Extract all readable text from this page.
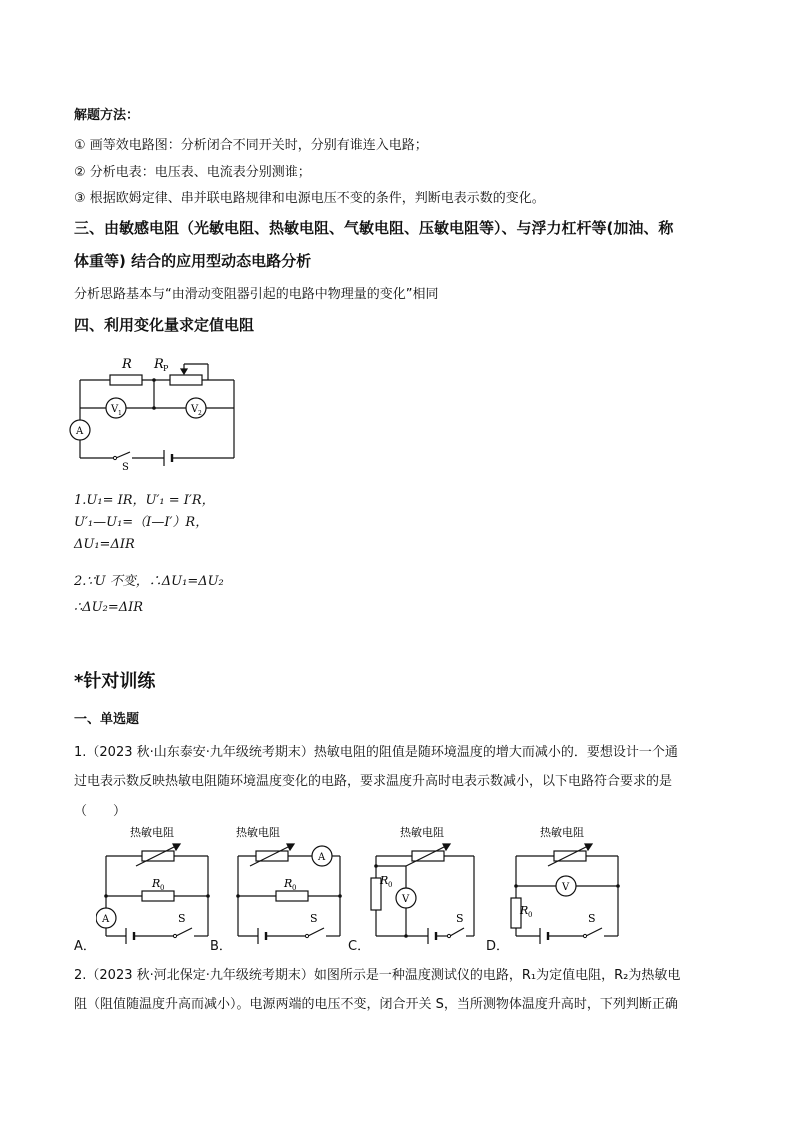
解题方法：
① 画等效电路图：分析闭合不同开关时，分别有谁连入电路；
② 分析电表：电压表、电流表分别测谁；
③ 根据欧姆定律、串并联电路规律和电源电压不变的条件，判断电表示数的变化。
三、由敏感电阻（光敏电阻、热敏电阻、气敏电阻、压敏电阻等）、与浮力杠杆等(加油、称
体重等) 结合的应用型动态电路分析
分析思路基本与“由滑动变阻器引起的电路中物理量的变化”相同
四、利用变化量求定值电阻
R R P
V 1	V 2
A
S
1.U₁= IR，U′₁ = I′R，
U′₁—U₁=（I—I′）R，
ΔU₁=ΔIR
2.∵U 不变，∴ΔU₁=ΔU₂
∴ΔU₂=ΔIR
*针对训练
一、单选题
1.（2023 秋·山东泰安·九年级统考期末）热敏电阻的阻值是随环境温度的增大而减小的．要想设计一个通
过电表示数反映热敏电阻随环境温度变化的电路，要求温度升高时电表示数减小，以下电路符合要求的是
（　　）
A．
热敏电阻
R 0
A	S
B．
热敏电阻
R 0
A
S
C．
热敏电阻
R 0
V
S
D．
热敏电阻
R 0
V
S
2.（2023 秋·河北保定·九年级统考期末）如图所示是一种温度测试仪的电路，R₁为定值电阻，R₂为热敏电
阻（阻值随温度升高而减小）。电源两端的电压不变，闭合开关 S，当所测物体温度升高时，下列判断正确
